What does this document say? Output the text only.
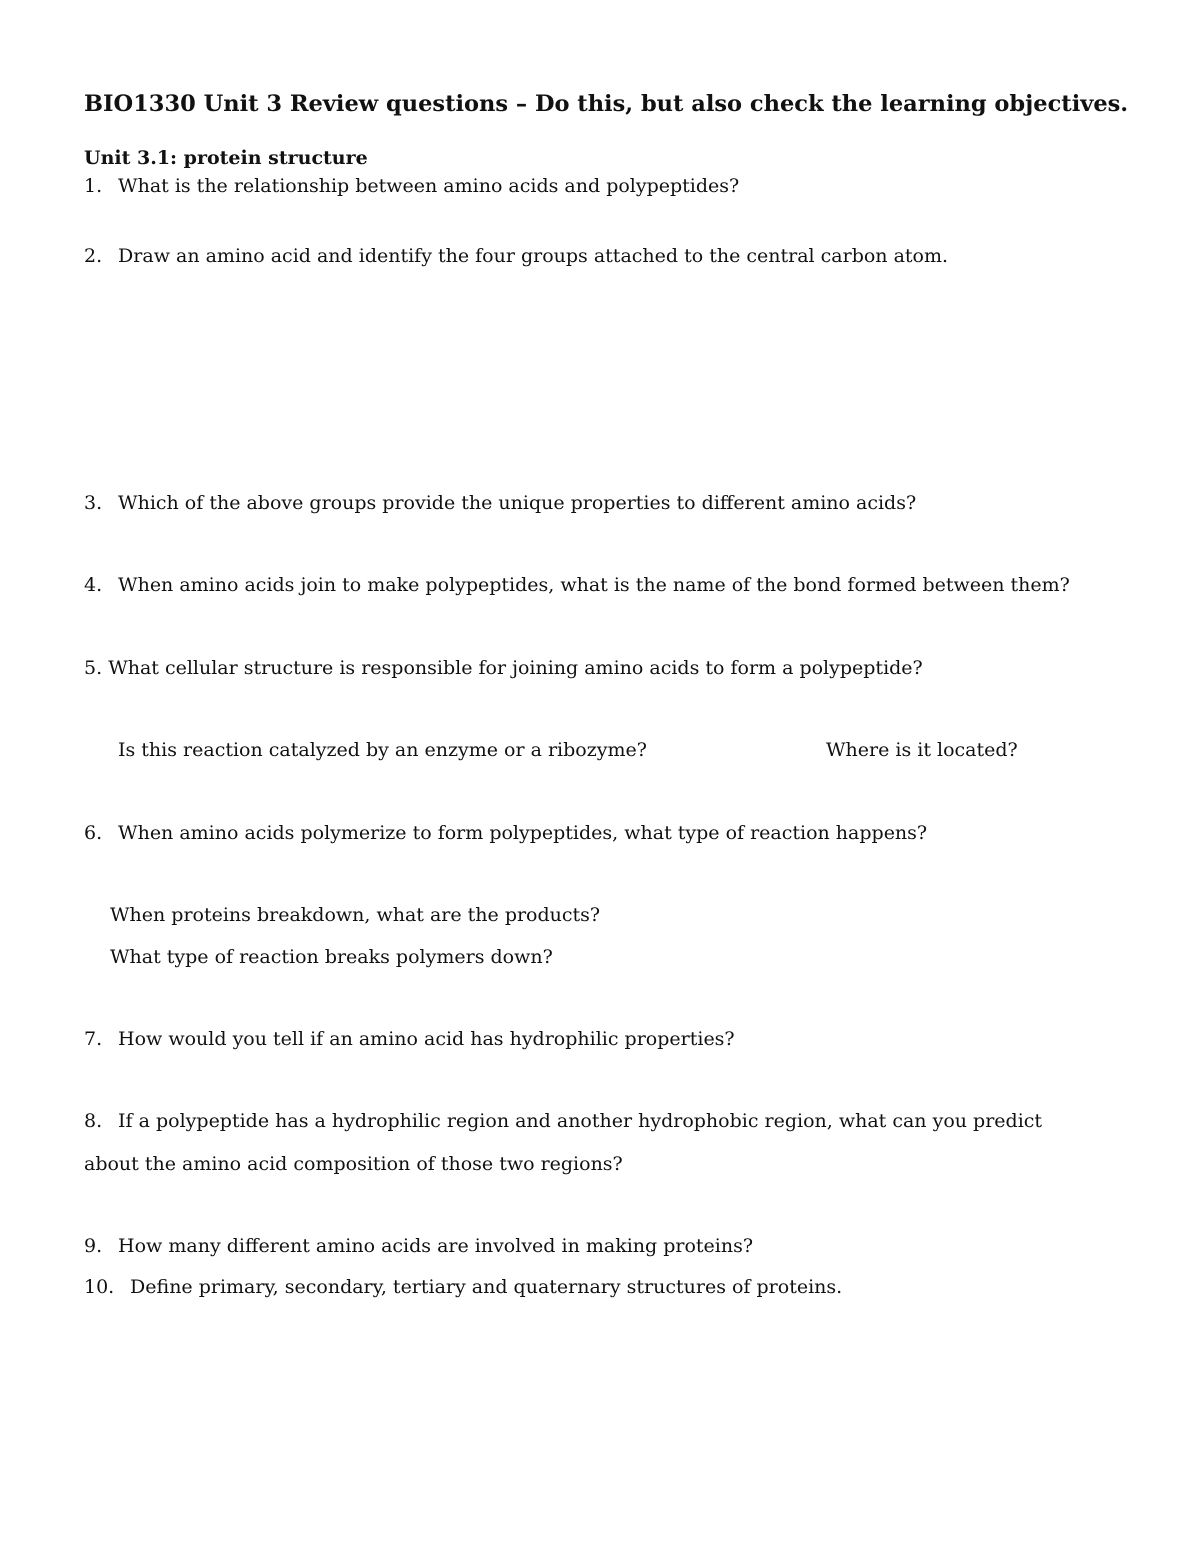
BIO1330 Unit 3 Review questions – Do this, but also check the learning objectives.
Unit 3.1: protein structure
1. What is the relationship between amino acids and polypeptides?
2. Draw an amino acid and identify the four groups attached to the central carbon atom.
3. Which of the above groups provide the unique properties to different amino acids?
4. When amino acids join to make polypeptides, what is the name of the bond formed between them?
5. What cellular structure is responsible for joining amino acids to form a polypeptide?
Is this reaction catalyzed by an enzyme or a ribozyme?	Where is it located?
6. When amino acids polymerize to form polypeptides, what type of reaction happens?
When proteins breakdown, what are the products?
What type of reaction breaks polymers down?
7. How would you tell if an amino acid has hydrophilic properties?
8. If a polypeptide has a hydrophilic region and another hydrophobic region, what can you predict
about the amino acid composition of those two regions?
9. How many different amino acids are involved in making proteins?
10. Define primary, secondary, tertiary and quaternary structures of proteins.
